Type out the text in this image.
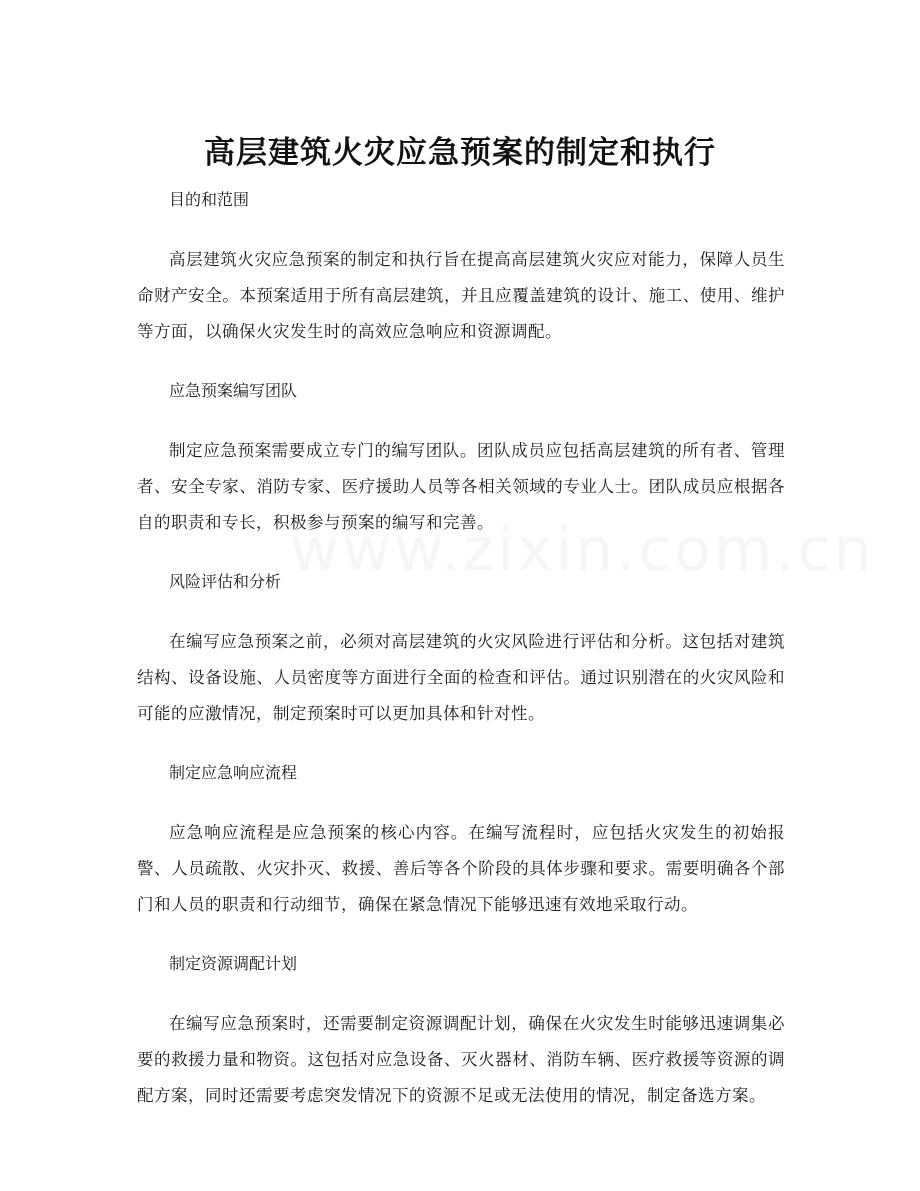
高层建筑火灾应急预案的制定和执行

目的和范围

高层建筑火灾应急预案的制定和执行旨在提高高层建筑火灾应对能力，保障人员生命财产安全。本预案适用于所有高层建筑，并且应覆盖建筑的设计、施工、使用、维护等方面，以确保火灾发生时的高效应急响应和资源调配。

应急预案编写团队

制定应急预案需要成立专门的编写团队。团队成员应包括高层建筑的所有者、管理者、安全专家、消防专家、医疗援助人员等各相关领域的专业人士。团队成员应根据各自的职责和专长，积极参与预案的编写和完善。

风险评估和分析

在编写应急预案之前，必须对高层建筑的火灾风险进行评估和分析。这包括对建筑结构、设备设施、人员密度等方面进行全面的检查和评估。通过识别潜在的火灾风险和可能的应激情况，制定预案时可以更加具体和针对性。

制定应急响应流程

应急响应流程是应急预案的核心内容。在编写流程时，应包括火灾发生的初始报警、人员疏散、火灾扑灭、救援、善后等各个阶段的具体步骤和要求。需要明确各个部门和人员的职责和行动细节，确保在紧急情况下能够迅速有效地采取行动。

制定资源调配计划

在编写应急预案时，还需要制定资源调配计划，确保在火灾发生时能够迅速调集必要的救援力量和物资。这包括对应急设备、灭火器材、消防车辆、医疗救援等资源的调配方案，同时还需要考虑突发情况下的资源不足或无法使用的情况，制定备选方案。
